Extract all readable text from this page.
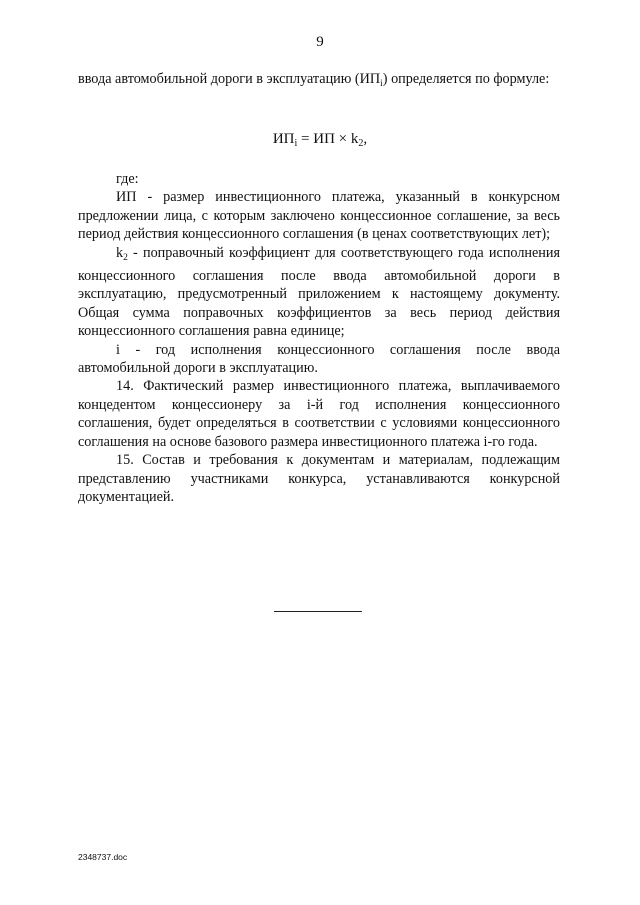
9

ввода автомобильной дороги в эксплуатацию $(ИП_i)$ определяется по формуле:

$ИП_i$ = ИП × $k_2$,

где:

ИП - размер инвестиционного платежа, указанный в конкурсном предложении лица, с которым заключено концессионное соглашение, за весь период действия концессионного соглашения (в ценах соответствующих лет);

$k_2$ - поправочный коэффициент для соответствующего года исполнения концессионного соглашения после ввода автомобильной дороги в эксплуатацию, предусмотренный приложением к настоящему документу. Общая сумма поправочных коэффициентов за весь период действия концессионного соглашения равна единице;

i - год исполнения концессионного соглашения после ввода автомобильной дороги в эксплуатацию.

14. Фактический размер инвестиционного платежа, выплачиваемого концедентом концессионеру за i-й год исполнения концессионного соглашения, будет определяться в соответствии с условиями концессионного соглашения на основе базового размера инвестиционного платежа i-го года.

15. Состав и требования к документам и материалам, подлежащим представлению участниками конкурса, устанавливаются конкурсной документацией.

2348737.doc
